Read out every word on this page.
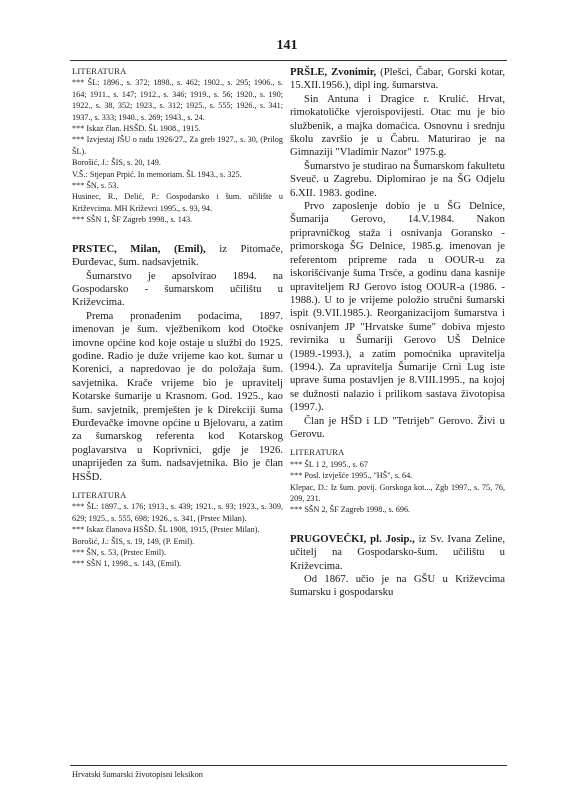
141
LITERATURA

*** ŠL: 1896., s. 372; 1898., s. 462; 1902., s. 295; 1906., s. 164; 1911., s. 147; 1912., s. 346; 1919., s. 56; 1920., s. 190; 1922., s. 38, 352; 1923., s. 312; 1925., s. 555; 1926., s. 341; 1937., s. 333; 1940., s. 269; 1943., s. 24.

*** Iskaz član. HSŠD. ŠL 1908., 1915.

*** Izvjestaj JŠU o radu 1926/27., Za greb 1927., s. 30, (Prilog ŠL).

Borošić, J.: ŠIS, s. 20, 149.

V.Š.: Stjepan Prpić. In memoriam. ŠL 1943., s. 325.

*** ŠN, s. 53.

Husinec, R., Delić, P.: Gospodarsko i šum. učilište u Križevcima. MH Križevci 1995., s. 93, 94.

*** SŠN 1, ŠF Zagreb 1998., s. 143.

PRSTEC, Milan, (Emil), iz Pitomače, Đurđevac, šum. nadsavjetnik.

Šumarstvo je apsolvirao 1894. na Gospodarsko - šumarskom učilištu u Križevcima.

Prema pronađenim podacima, 1897. imenovan je šum. vježbenikom kod Otočke imovne općine kod koje ostaje u službi do 1925. godine. Radio je duže vrijeme kao kot. šumar u Korenici, a napredovao je do položaja šum. savjetnika. Krače vrijeme bio je upravitelj Kotarske šumarije u Krasnom. God. 1925., kao šum. savjetnik, premješten je k Direkciji šuma Đurđevačke imovne općine u Bjelovaru, a zatim za šumarskog referenta kod Kotarskog poglavarstva u Koprivnici, gdje je 1926. unaprijeđen za šum. nadsavjetnika. Bio je član HSŠD.

LITERATURA

*** ŠL: 1897., s. 176; 1913., s. 439; 1921., s. 93; 1923., s. 309, 629; 1925., s. 555, 698; 1926., s. 341, (Prstec Milan).

*** Iskaz članova HSŠD. ŠL 1908, 1915, (Prstec Milan).

Borošić, J.: ŠIS, s. 19, 149, (P. Emil).

*** ŠN, s. 53, (Prstec Emil).

*** SŠN 1, 1998., s. 143, (Emil).

PRŠLE, Zvonimir, (Plešci, Čabar, Gorski kotar, 15.XII.1956.), dipl ing. šumarstva.

Sin Antuna i Dragice r. Krulić. Hrvat, rimokatoličke vjeroispovijesti. Otac mu je bio službenik, a majka domaćica. Osnovnu i srednju školu završio je u Čabru. Maturirao je na Gimnaziji "Vladimir Nazor" 1975.g.

Šumarstvo je studirao na Šumarskom fakultetu Sveuč. u Zagrebu. Diplomirao je na ŠG Odjelu 6.XII. 1983. godine.

Prvo zaposlenje dobio je u ŠG Delnice, Šumarija Gerovo, 14.V.1984. Nakon pripravničkog staža i osnivanja Goransko - primorskoga ŠG Delnice, 1985.g. imenovan je referentom pripreme rada u OOUR-u za iskorišćivanje šuma Trsće, a godinu dana kasnije upraviteljem RJ Gerovo istog OOUR-a (1986. - 1988.). U to je vrijeme položio stručni šumarski ispit (9.VII.1985.). Reorganizacijom šumarstva i osnivanjem JP "Hrvatske šume" dobiva mjesto revirnika u Šumariji Gerovo UŠ Delnice (1989.-1993.), a zatim pomoćnika upravitelja (1994.). Za upravitelja Šumarije Crni Lug iste uprave šuma postavljen je 8.VIII.1995., na kojoj se dužnosti nalazio i prilikom sastava životopisa (1997.).

Član je HŠD i LD "Tetrijeb" Gerovo. Živi u Gerovu.

LITERATURA

*** ŠL 1 2, 1995., s. 67

*** Posl. izvješće 1995., "HŠ", s. 64.

Klepac, D.: Iz šum. povij. Gorskoga kot..., Zgb 1997., s. 75, 76, 209, 231.

*** SŠN 2, ŠF Zagreb 1998., s. 696.

PRUGOVEČKI, pl. Josip., iz Sv. Ivana Zeline, učitelj na Gospodarsko-šum. učilištu u Križevcima.

Od 1867. učio je na GŠU u Križevcima šumarsku i gospodarsku

Hrvatski šumarski životopisni leksikon
